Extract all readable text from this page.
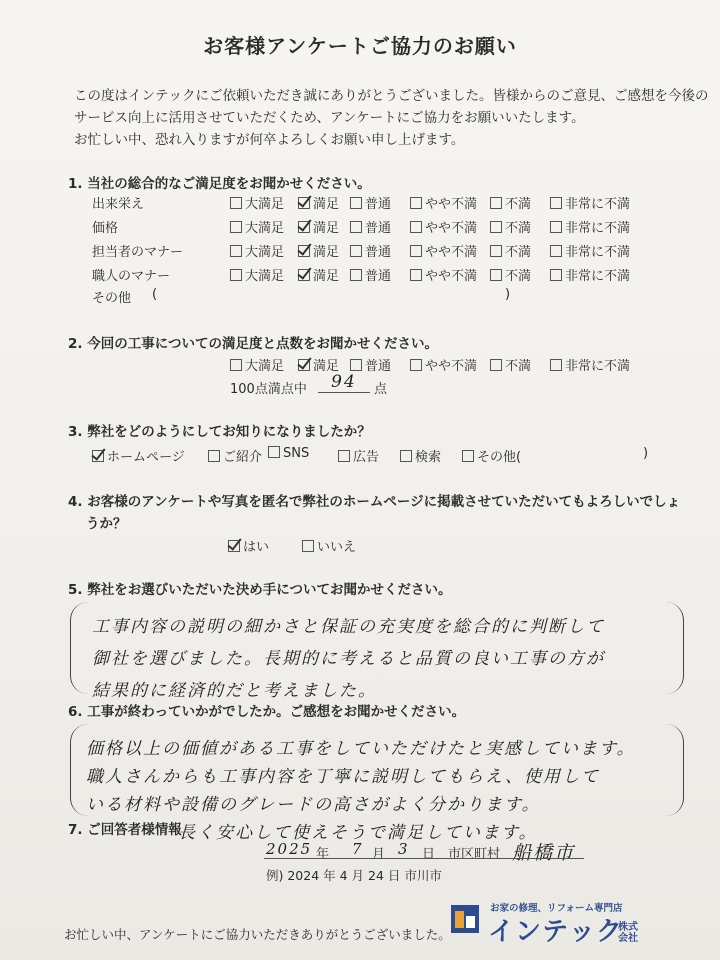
お客様アンケートご協力のお願い
この度はインテックにご依頼いただき誠にありがとうございました。皆様からのご意見、ご感想を今後の
サービス向上に活用させていただくため、アンケートにご協力をお願いいたします。
お忙しい中、恐れ入りますが何卒よろしくお願い申し上げます。
1. 当社の総合的なご満足度をお聞かせください。
出来栄え	大満足	満足	普通	やや不満	不満	非常に不満
価格	大満足	満足	普通	やや不満	不満	非常に不満
担当者のマナー	大満足	満足	普通	やや不満	不満	非常に不満
職人のマナー	大満足	満足	普通	やや不満	不満	非常に不満
その他 (	)
2. 今回の工事についての満足度と点数をお聞かせください。
大満足	満足	普通	やや不満	不満	非常に不満
100点満点中	94	点
3. 弊社をどのようにしてお知りになりましたか？
ホームページ	ご紹介	SNS	広告	検索	その他(	)
4. お客様のアンケートや写真を匿名で弊社のホームページに掲載させていただいてもよろしいでしょ
うか？
はい	いいえ
5. 弊社をお選びいただいた決め手についてお聞かせください。
工事内容の説明の細かさと保証の充実度を総合的に判断して
御社を選びました。長期的に考えると品質の良い工事の方が
結果的に経済的だと考えました。
6. 工事が終わっていかがでしたか。ご感想をお聞かせください。
価格以上の価値がある工事をしていただけたと実感しています。
職人さんからも工事内容を丁寧に説明してもらえ、使用して
いる材料や設備のグレードの高さがよく分かります。
長く安心して使えそうで満足しています。
7. ご回答者様情報
2025 年 7 月 3 日 市区町村 船橋市
例) 2024 年 4 月 24 日 市川市
お忙しい中、アンケートにご協力いただきありがとうございました。
お家の修理、リフォーム専門店
インテック
株式会社
